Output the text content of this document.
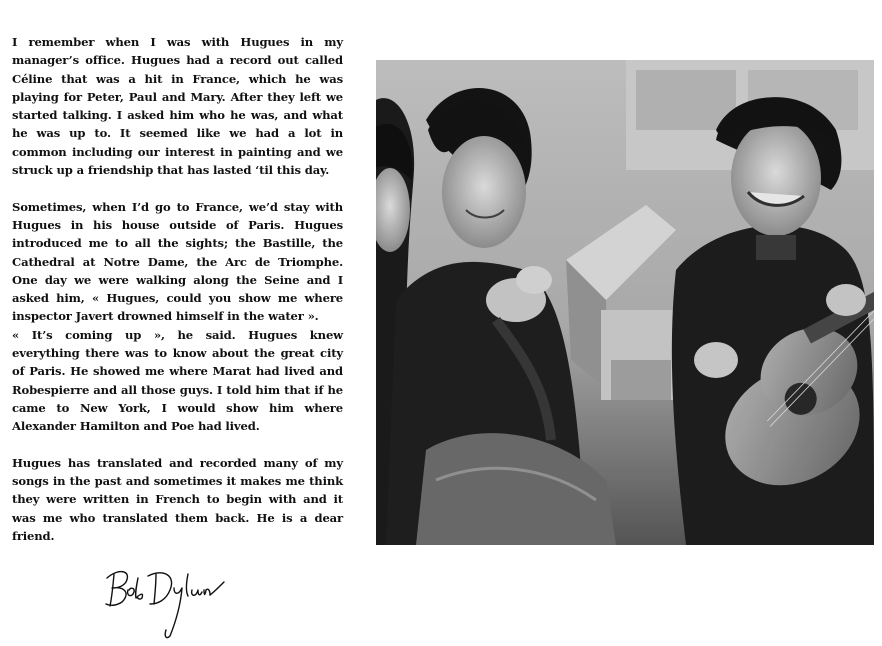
I remember when I was with Hugues in my manager’s office. Hugues had a record out called Céline that was a hit in France, which he was playing for Peter, Paul and Mary. After they left we started talking. I asked him who he was, and what he was up to. It seemed like we had a lot in common including our interest in painting and we struck up a friendship that has lasted ‘til this day.

Sometimes, when I’d go to France, we’d stay with Hugues in his house outside of Paris. Hugues introduced me to all the sights; the Bastille, the Cathedral at Notre Dame, the Arc de Triomphe. One day we were walking along the Seine and I asked him, « Hugues, could you show me where inspector Javert drowned himself in the water ».

« It’s coming up », he said. Hugues knew everything there was to know about the great city of Paris. He showed me where Marat had lived and Robespierre and all those guys. I told him that if he came to New York, I would show him where Alexander Hamilton and Poe had lived.

Hugues has translated and recorded many of my songs in the past and sometimes it makes me think they were written in French to begin with and it was me who translated them back. He is a dear friend.
